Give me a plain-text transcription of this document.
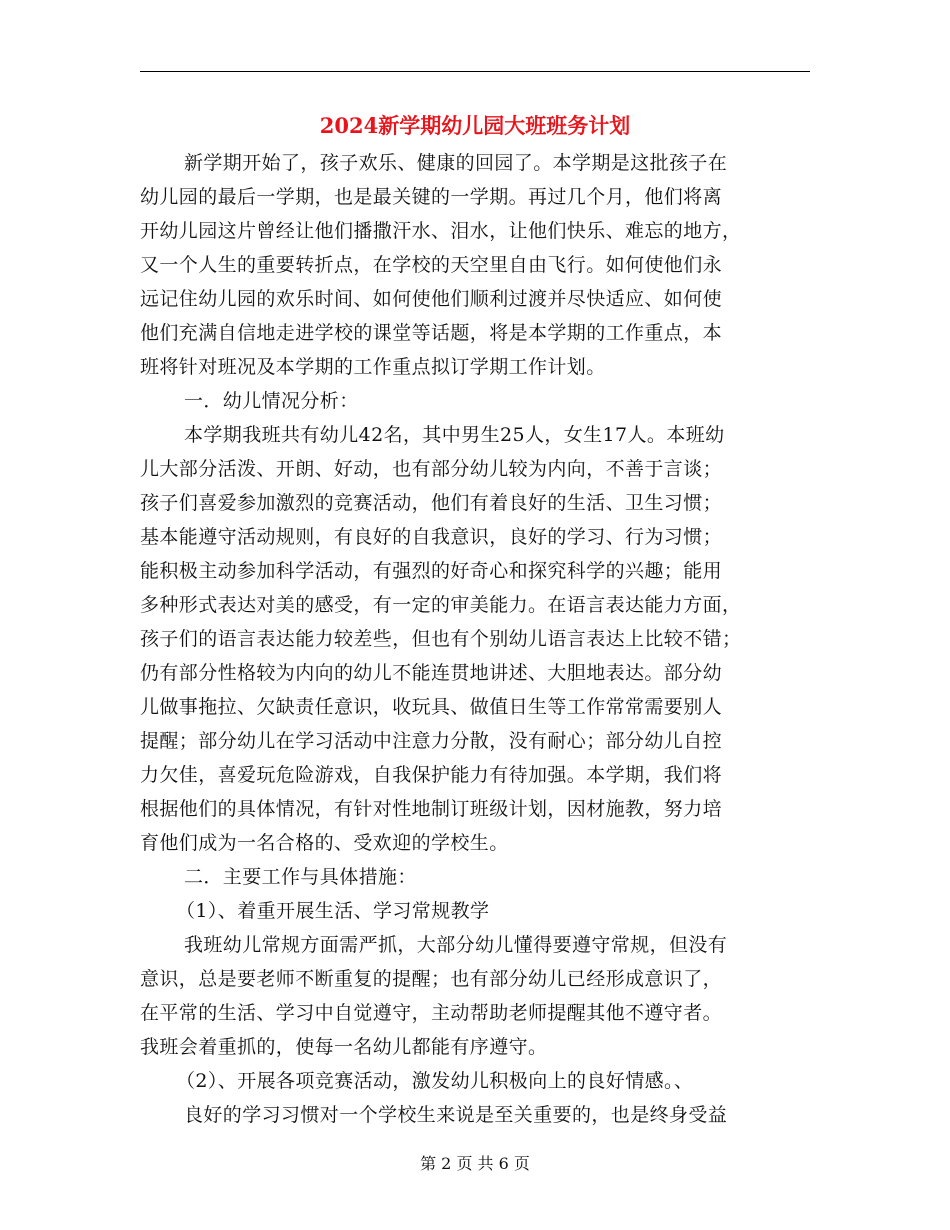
2024新学期幼儿园大班班务计划
新学期开始了，孩子欢乐、健康的回园了。本学期是这批孩子在
幼儿园的最后一学期，也是最关键的一学期。再过几个月，他们将离
开幼儿园这片曾经让他们播撒汗水、泪水，让他们快乐、难忘的地方，
又一个人生的重要转折点，在学校的天空里自由飞行。如何使他们永
远记住幼儿园的欢乐时间、如何使他们顺利过渡并尽快适应、如何使
他们充满自信地走进学校的课堂等话题，将是本学期的工作重点，本
班将针对班况及本学期的工作重点拟订学期工作计划。
一．幼儿情况分析：
本学期我班共有幼儿42名，其中男生25人，女生17人。本班幼
儿大部分活泼、开朗、好动，也有部分幼儿较为内向，不善于言谈；
孩子们喜爱参加激烈的竞赛活动，他们有着良好的生活、卫生习惯；
基本能遵守活动规则，有良好的自我意识，良好的学习、行为习惯；
能积极主动参加科学活动，有强烈的好奇心和探究科学的兴趣；能用
多种形式表达对美的感受，有一定的审美能力。在语言表达能力方面，
孩子们的语言表达能力较差些，但也有个别幼儿语言表达上比较不错；
仍有部分性格较为内向的幼儿不能连贯地讲述、大胆地表达。部分幼
儿做事拖拉、欠缺责任意识，收玩具、做值日生等工作常常需要别人
提醒；部分幼儿在学习活动中注意力分散，没有耐心；部分幼儿自控
力欠佳，喜爱玩危险游戏，自我保护能力有待加强。本学期，我们将
根据他们的具体情况，有针对性地制订班级计划，因材施教，努力培
育他们成为一名合格的、受欢迎的学校生。
二．主要工作与具体措施：
（1）、着重开展生活、学习常规教学
我班幼儿常规方面需严抓，大部分幼儿懂得要遵守常规，但没有
意识，总是要老师不断重复的提醒；也有部分幼儿已经形成意识了，
在平常的生活、学习中自觉遵守，主动帮助老师提醒其他不遵守者。
我班会着重抓的，使每一名幼儿都能有序遵守。
（2）、开展各项竞赛活动，激发幼儿积极向上的良好情感。、
良好的学习习惯对一个学校生来说是至关重要的，也是终身受益
第 2 页 共 6 页
